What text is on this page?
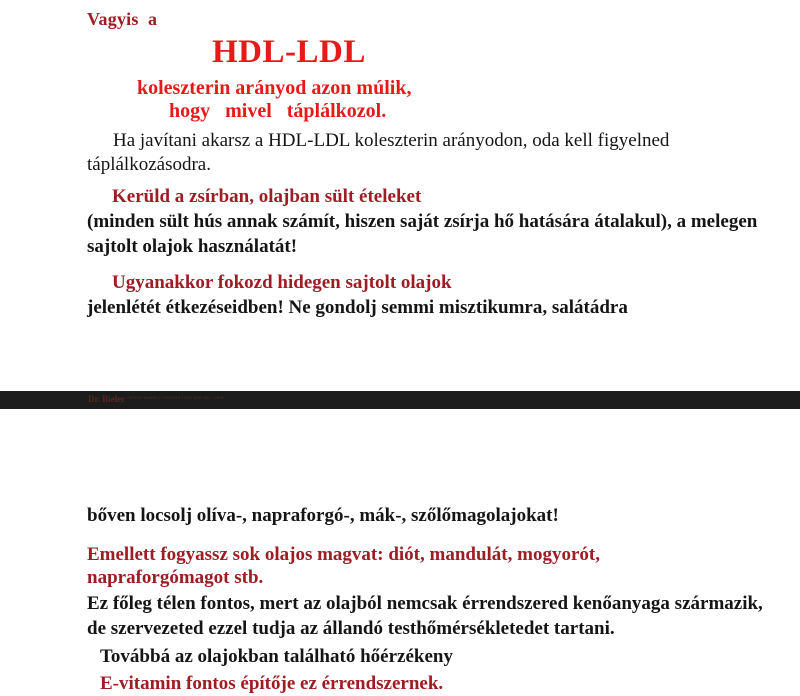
Vagyis  a
HDL-LDL
koleszterin arányod azon múlik,
hogy   mivel   táplálkozol.
Ha javítani akarsz a HDL-LDL koleszterin arányodon, oda kell figyelned táplálkozásodra.
Kerüld a zsírban, olajban sült ételeket
(minden sült hús annak számít, hiszen saját zsírja hő hatására átalakul), a melegen sajtolt olajok használatát!
Ugyanakkor fokozd hidegen sajtolt olajok
jelenlétét étkezéseidben! Ne gondolj semmi misztikumra, salátádra
Dr. Bieler natural health | nutrition | oils and fats | diet
bőven locsolj olíva-, napraforgó-, mák-, szőlőmagolajokat!
Emellett fogyassz sok olajos magvat: diót, mandulát, mogyorót,
napraforgómagot stb.
Ez főleg télen fontos, mert az olajból nemcsak érrendszered kenőanyaga származik, de szervezeted ezzel tudja az állandó testhőmérsékletedet tartani.
Továbbá az olajokban található hőérzékeny
E-vitamin fontos építője ez érrendszernek.
